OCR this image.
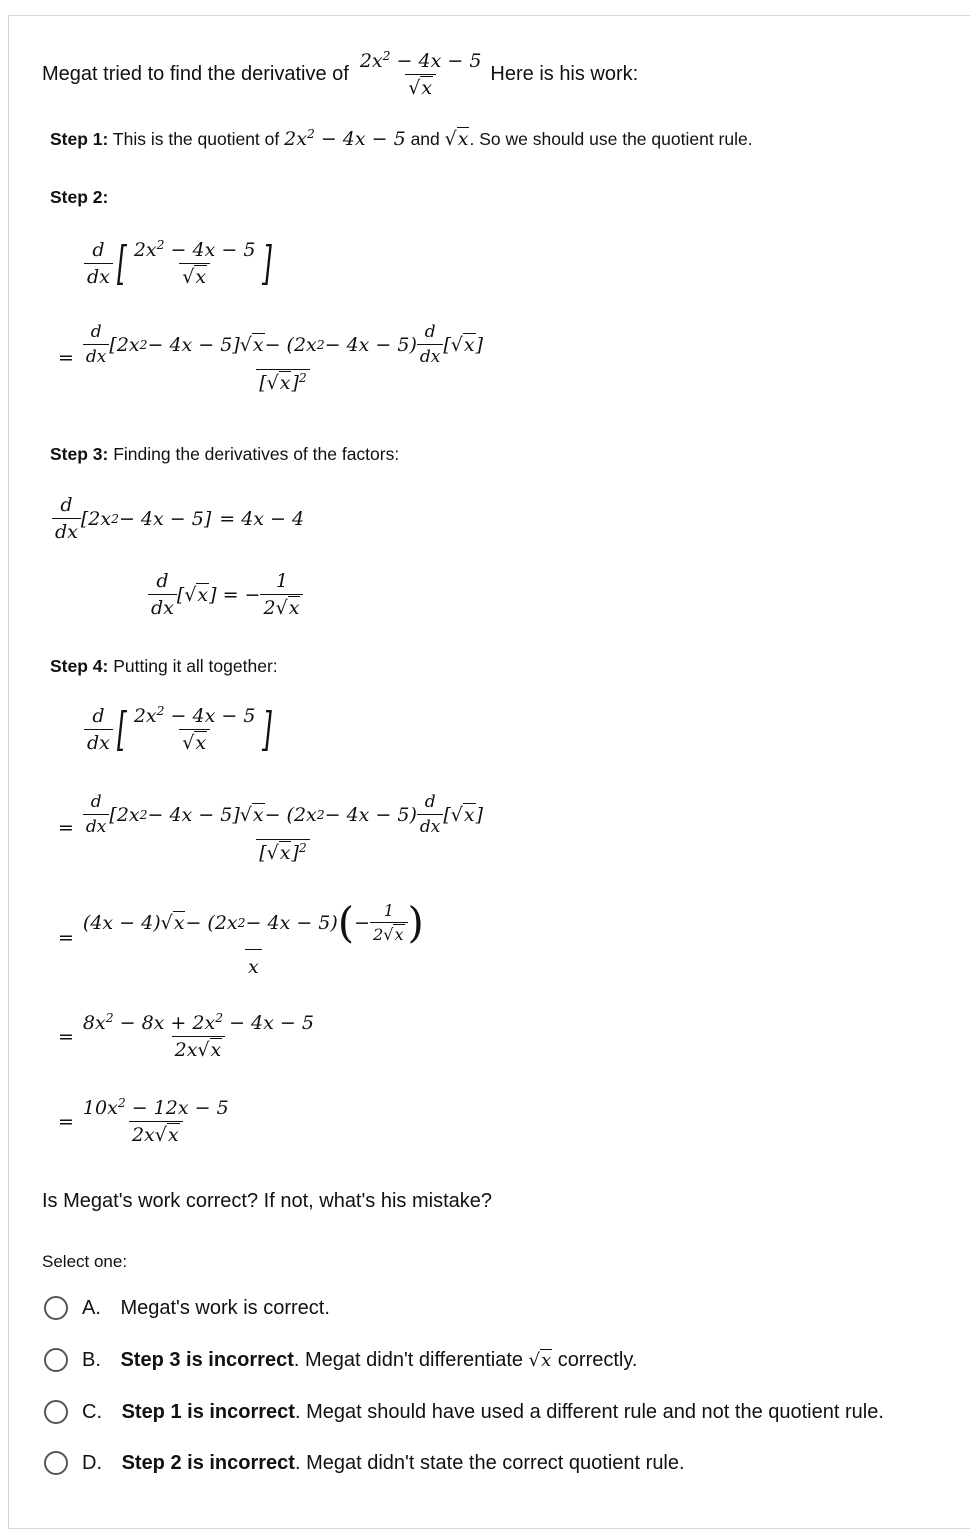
Megat tried to find the derivative of $\frac{2x^2 - 4x - 5}{√x}$ Here is his work:
Step 1: This is the quotient of $2x^2 - 4x - 5$ and √x. So we should use the quotient rule.
Step 2:
$\frac{d}{dx}$ [ $\frac{2x^2 - 4x - 5}{√x}$ ]
= $\frac{\frac{d}{dx} [2x 2 - 4x - 5] √x - (2x 2 - 4x - 5) \frac{d}{dx} [ √x ]}{[√x]^2}$
Step 3: Finding the derivatives of the factors:
$\frac{d}{dx} [2x$ 2 − 4x − 5] = 4x − 4
$\frac{d}{dx}$ [ √x ] = − $\frac{1}{2√x}$
Step 4: Putting it all together:
$\frac{d}{dx}$ [ $\frac{2x^2 - 4x - 5}{√x}$ ]
= $\frac{\frac{d}{dx} [2x 2 - 4x - 5] √x - (2x 2 - 4x - 5) \frac{d}{dx} [ √x ]}{[√x]^2}$
= $\frac{(4x - 4) √x - (2x 2 - 4x - 5) ( - \frac{1}{2√x} )}{x}$
= $\frac{8x^2 - 8x + 2x^2 - 4x - 5}{2x√x}$
= $\frac{10x^2 - 12x - 5}{2x√x}$
Is Megat's work correct? If not, what's his mistake?
Select one:
A. Megat's work is correct.
B. Step 3 is incorrect. Megat didn't differentiate √x correctly.
C. Step 1 is incorrect. Megat should have used a different rule and not the quotient rule.
D. Step 2 is incorrect. Megat didn't state the correct quotient rule.
